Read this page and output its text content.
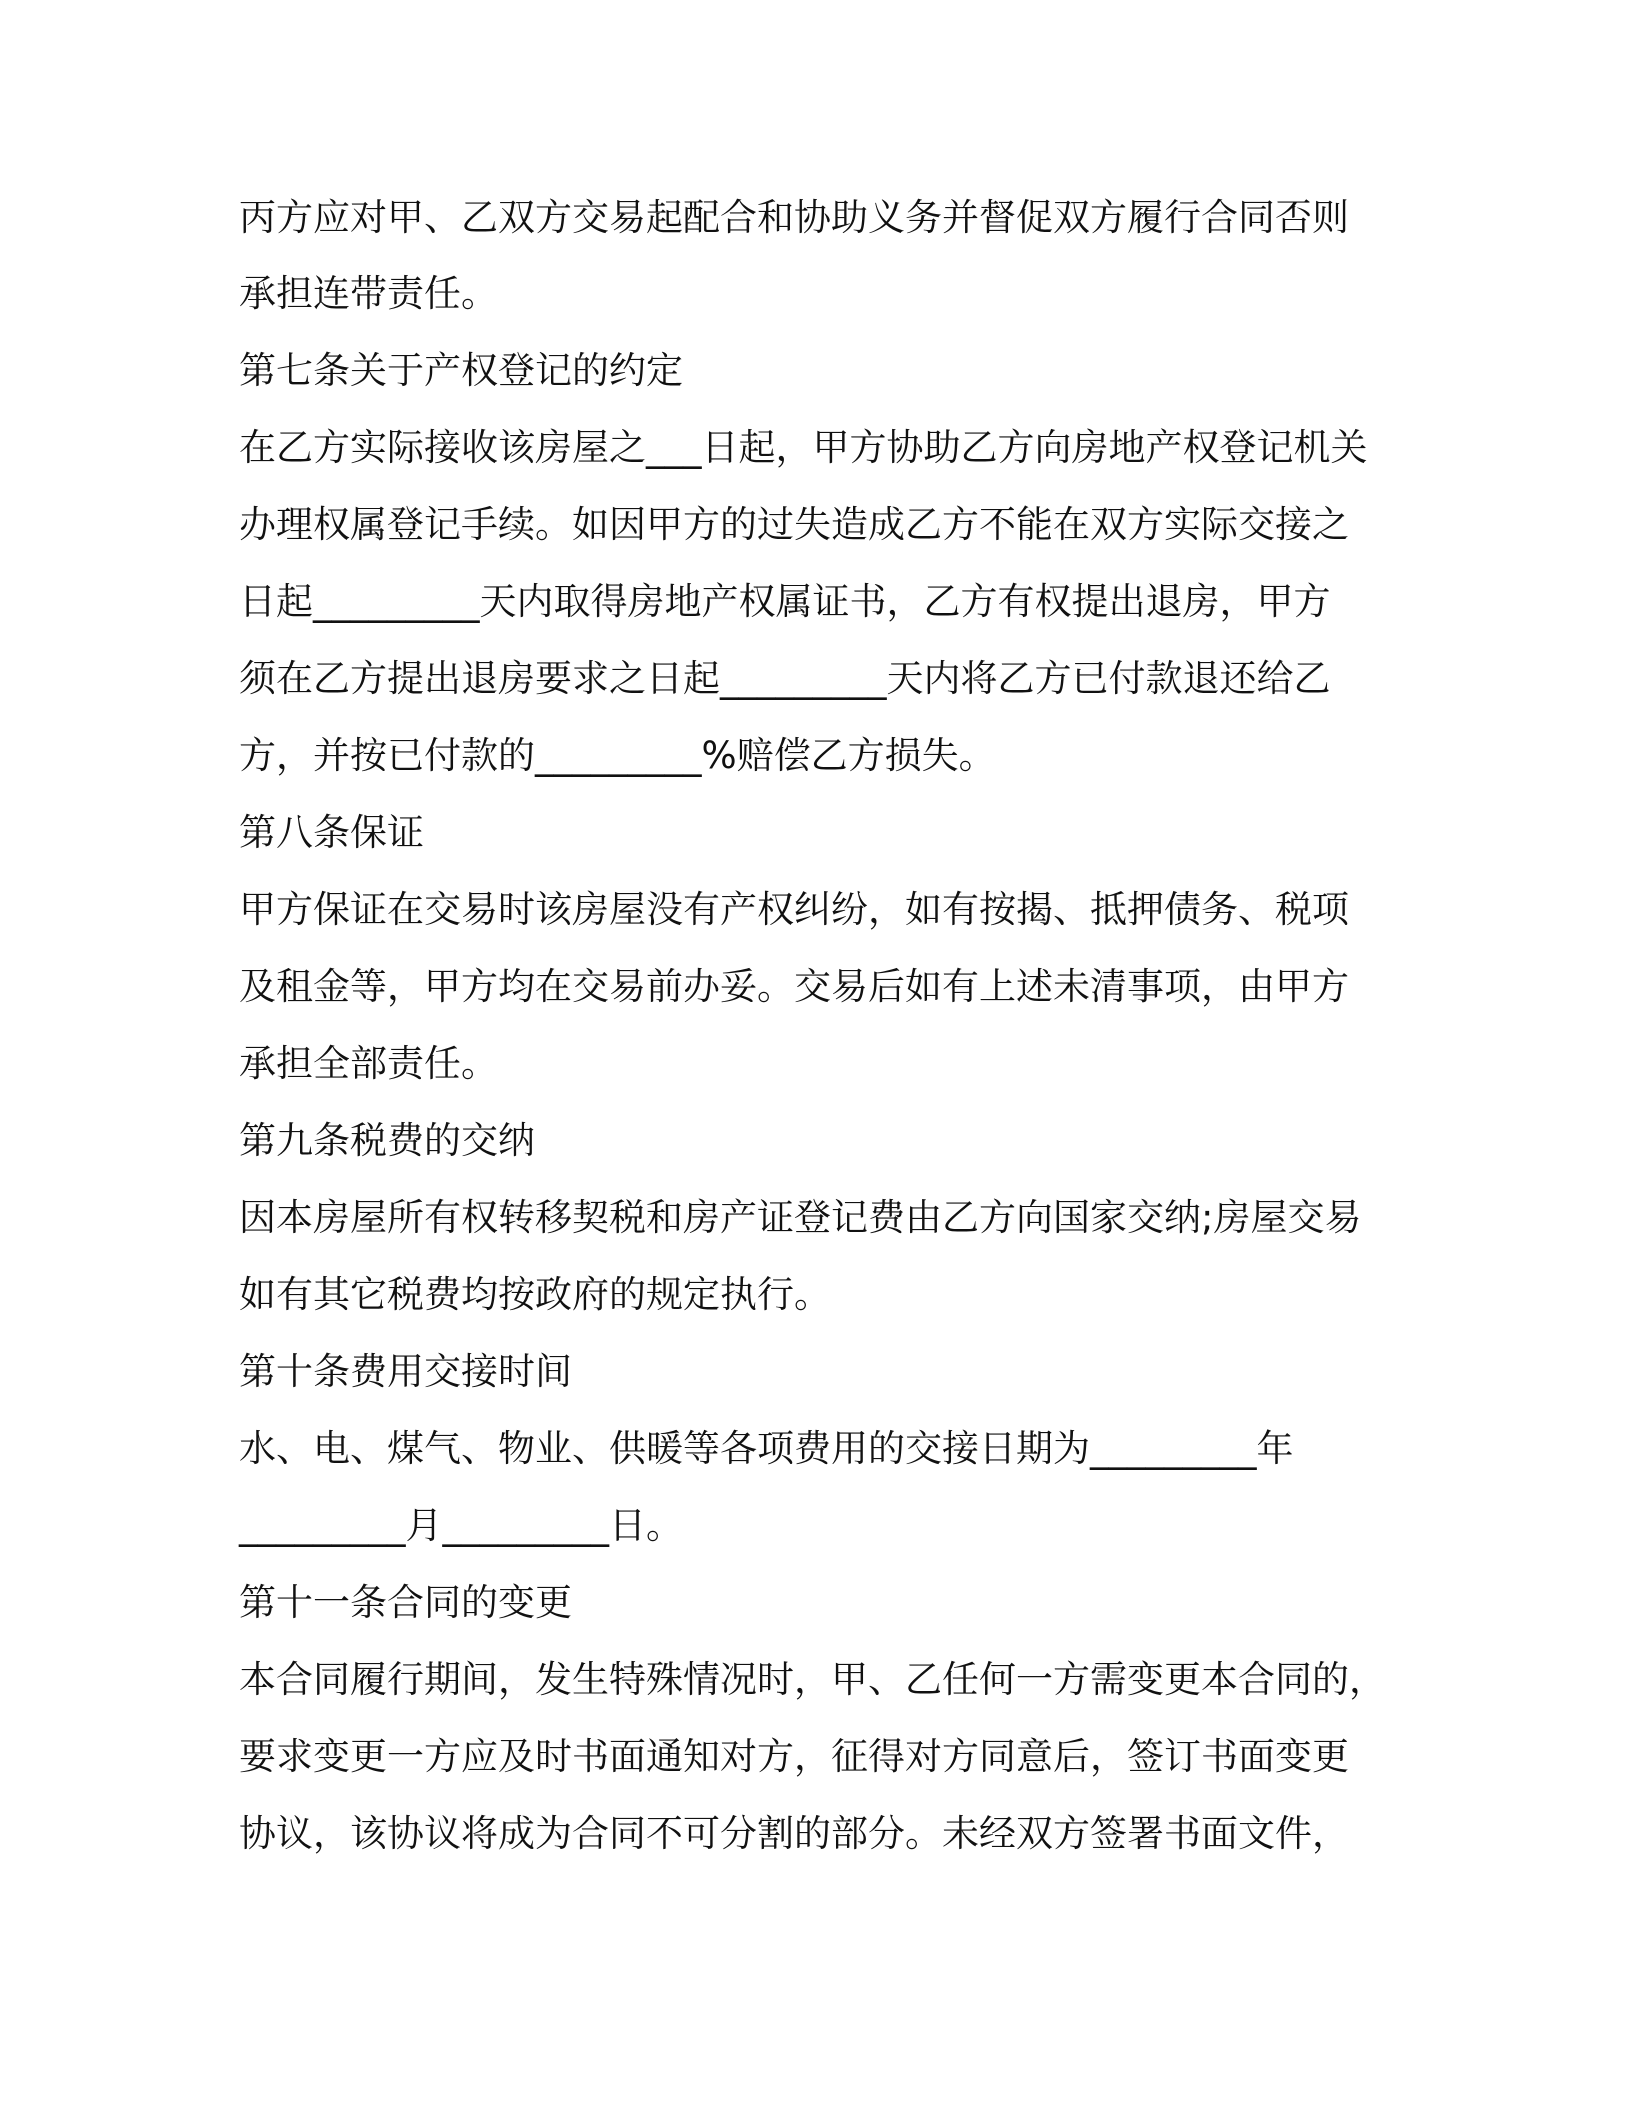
丙方应对甲、乙双方交易起配合和协助义务并督促双方履行合同否则
承担连带责任。
第七条关于产权登记的约定
在乙方实际接收该房屋之___日起，甲方协助乙方向房地产权登记机关
办理权属登记手续。如因甲方的过失造成乙方不能在双方实际交接之
日起_________天内取得房地产权属证书，乙方有权提出退房，甲方
须在乙方提出退房要求之日起_________天内将乙方已付款退还给乙
方，并按已付款的_________%赔偿乙方损失。
第八条保证
甲方保证在交易时该房屋没有产权纠纷，如有按揭、抵押债务、税项
及租金等，甲方均在交易前办妥。交易后如有上述未清事项，由甲方
承担全部责任。
第九条税费的交纳
因本房屋所有权转移契税和房产证登记费由乙方向国家交纳;房屋交易
如有其它税费均按政府的规定执行。
第十条费用交接时间
水、电、煤气、物业、供暖等各项费用的交接日期为_________年
_________月_________日。
第十一条合同的变更
本合同履行期间，发生特殊情况时，甲、乙任何一方需变更本合同的，
要求变更一方应及时书面通知对方，征得对方同意后，签订书面变更
协议，该协议将成为合同不可分割的部分。未经双方签署书面文件，
